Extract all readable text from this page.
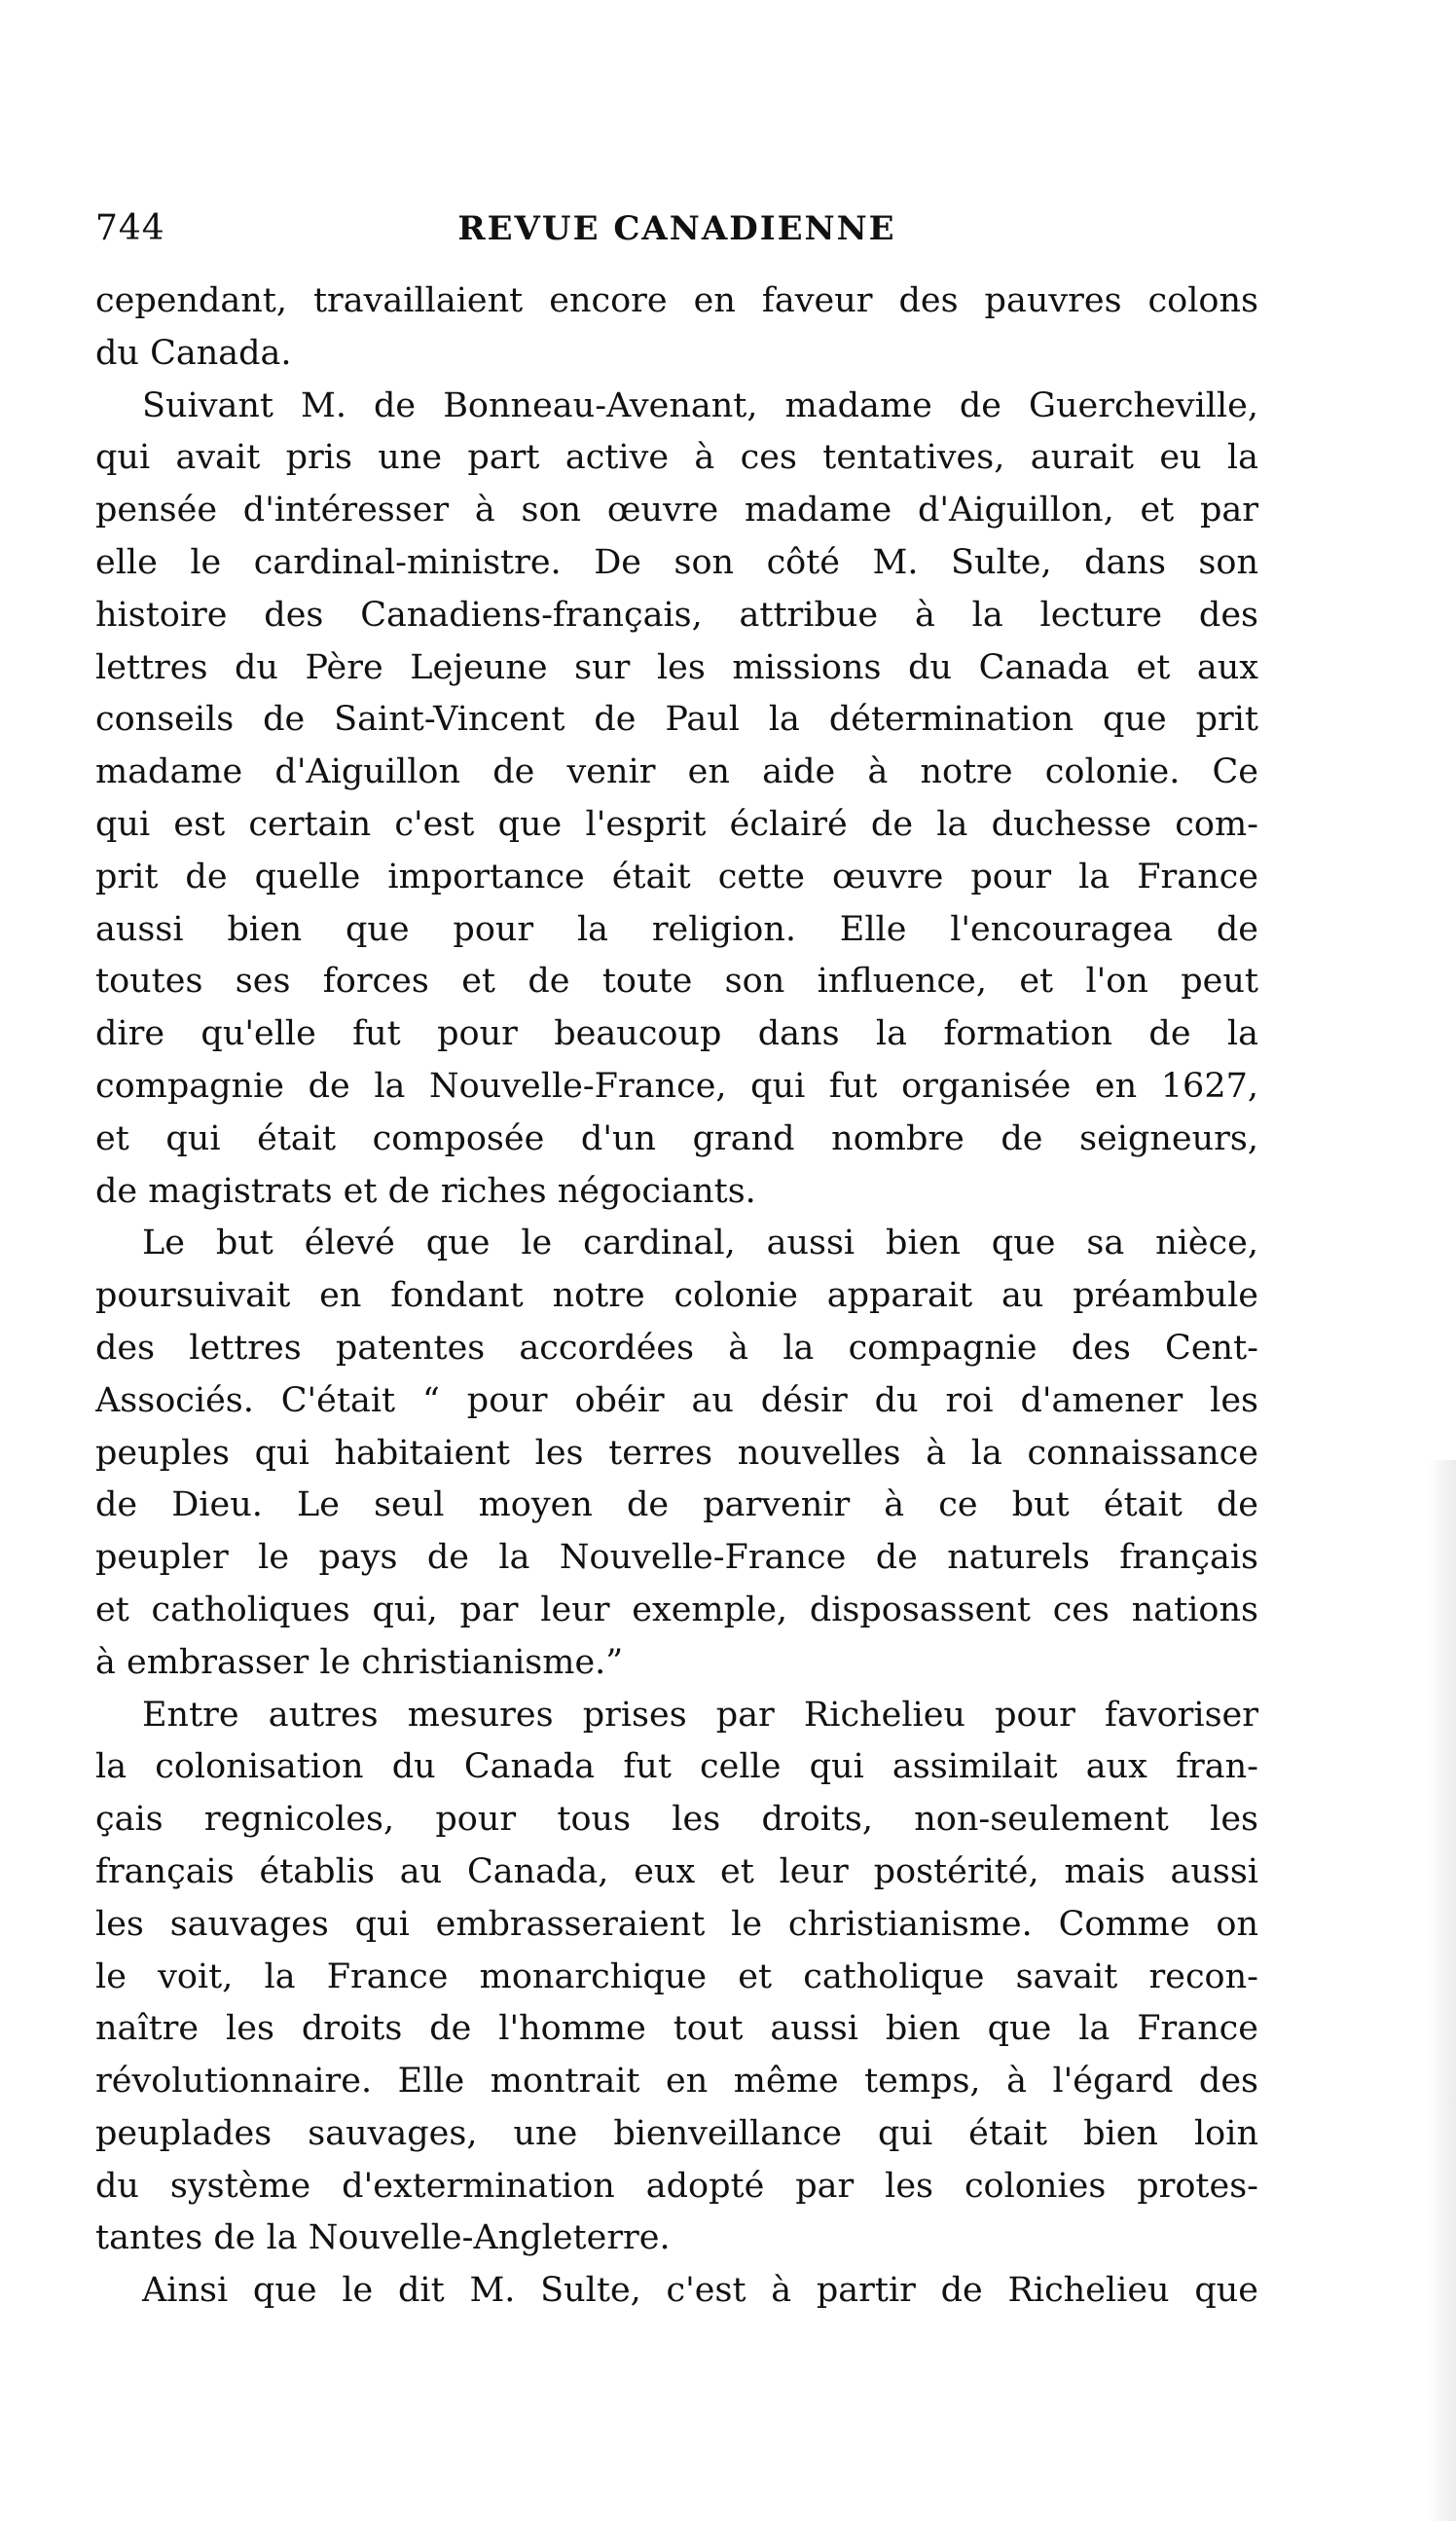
744	REVUE CANADIENNE
cependant, travaillaient encore en faveur des pauvres colons
du Canada.
Suivant M. de Bonneau-Avenant, madame de Guercheville,
qui avait pris une part active à ces tentatives, aurait eu la
pensée d'intéresser à son œuvre madame d'Aiguillon, et par
elle le cardinal-ministre. De son côté M. Sulte, dans son
histoire des Canadiens-français, attribue à la lecture des
lettres du Père Lejeune sur les missions du Canada et aux
conseils de Saint-Vincent de Paul la détermination que prit
madame d'Aiguillon de venir en aide à notre colonie. Ce
qui est certain c'est que l'esprit éclairé de la duchesse com-
prit de quelle importance était cette œuvre pour la France
aussi bien que pour la religion. Elle l'encouragea de
toutes ses forces et de toute son influence, et l'on peut
dire qu'elle fut pour beaucoup dans la formation de la
compagnie de la Nouvelle-France, qui fut organisée en 1627,
et qui était composée d'un grand nombre de seigneurs,
de magistrats et de riches négociants.
Le but élevé que le cardinal, aussi bien que sa nièce,
poursuivait en fondant notre colonie apparait au préambule
des lettres patentes accordées à la compagnie des Cent-
Associés. C'était “ pour obéir au désir du roi d'amener les
peuples qui habitaient les terres nouvelles à la connaissance
de Dieu. Le seul moyen de parvenir à ce but était de
peupler le pays de la Nouvelle-France de naturels français
et catholiques qui, par leur exemple, disposassent ces nations
à embrasser le christianisme.”
Entre autres mesures prises par Richelieu pour favoriser
la colonisation du Canada fut celle qui assimilait aux fran-
çais regnicoles, pour tous les droits, non-seulement les
français établis au Canada, eux et leur postérité, mais aussi
les sauvages qui embrasseraient le christianisme. Comme on
le voit, la France monarchique et catholique savait recon-
naître les droits de l'homme tout aussi bien que la France
révolutionnaire. Elle montrait en même temps, à l'égard des
peuplades sauvages, une bienveillance qui était bien loin
du système d'extermination adopté par les colonies protes-
tantes de la Nouvelle-Angleterre.
Ainsi que le dit M. Sulte, c'est à partir de Richelieu que
